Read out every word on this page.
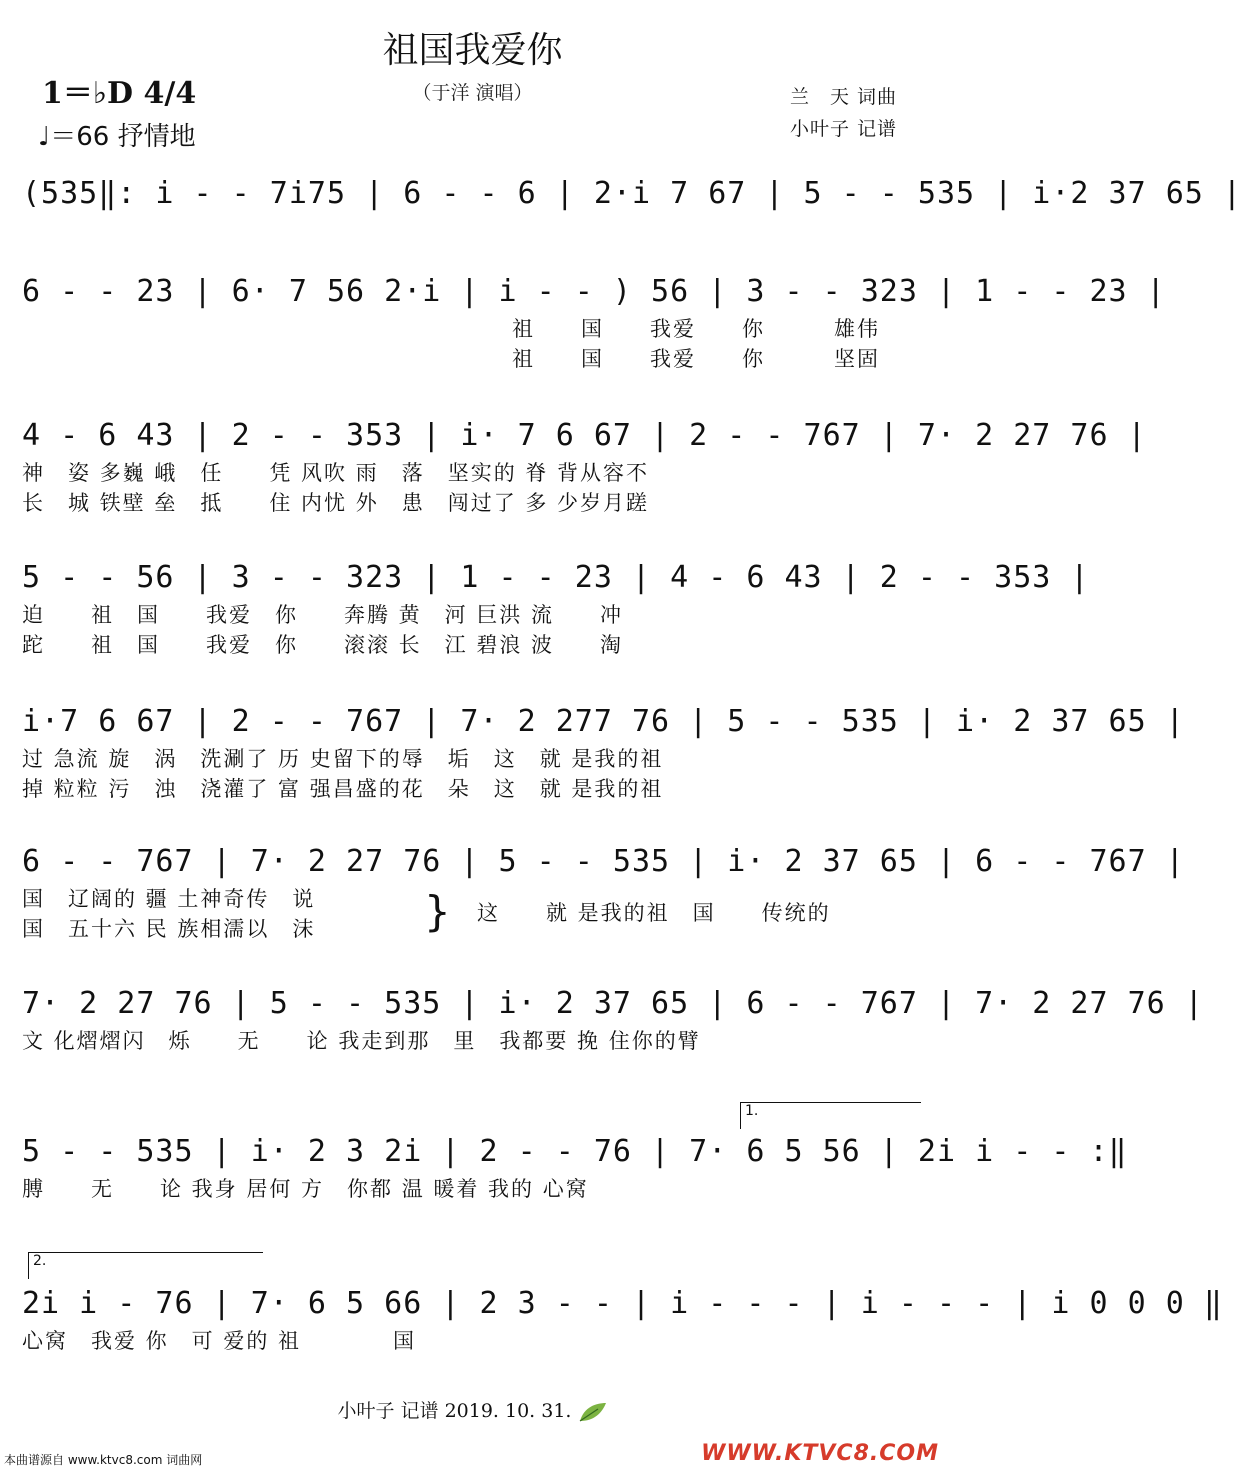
祖国我爱你
（于洋 演唱）
1＝♭D 4/4
♩＝66 抒情地
兰　天 词曲
小叶子 记谱
(535‖: i - - 7i75 | 6 - - 6 | 2·i 7 67 | 5 - - 535 | i·2 37 65 |
6 - - 23 | 6· 7 56 2·i | i - - ) 56 | 3 - - 323 | 1 - - 23 |
祖　　国　　我爱　　你　　　雄伟
祖　　国　　我爱　　你　　　坚固
4 - 6 43 | 2 - - 353 | i· 7 6 67 | 2 - - 767 | 7· 2 27 76 |
神　姿 多巍 峨　任　　凭 风吹 雨　落　坚实的 脊 背从容不
长　城 铁壁 垒　抵　　住 内忧 外　患　闯过了 多 少岁月蹉
5 - - 56 | 3 - - 323 | 1 - - 23 | 4 - 6 43 | 2 - - 353 |
迫　　祖　国　　我爱　你　　奔腾 黄　河 巨洪 流　　冲
跎　　祖　国　　我爱　你　　滚滚 长　江 碧浪 波　　淘
i·7 6 67 | 2 - - 767 | 7· 2 277 76 | 5 - - 535 | i· 2 37 65 |
过 急流 旋　涡　洗涮了 历 史留下的辱　垢　这　就 是我的祖
掉 粒粒 污　浊　浇灌了 富 强昌盛的花　朵　这　就 是我的祖
6 - - 767 | 7· 2 27 76 | 5 - - 535 | i· 2 37 65 | 6 - - 767 |
国　辽阔的 疆 土神奇传　说
国　五十六 民 族相濡以　沫	} 这　　就 是我的祖　国　　传统的
7· 2 27 76 | 5 - - 535 | i· 2 37 65 | 6 - - 767 | 7· 2 27 76 |
文 化熠熠闪　烁　　无　　论 我走到那　里　我都要 挽 住你的臂
1.
5 - - 535 | i· 2 3 2i | 2 - - 76 | 7· 6 5 56 | 2i i - - :‖
膊　　无　　论 我身 居何 方　你都 温 暖着 我的 心窝
2.
2i i - 76 | 7· 6 5 66 | 2 3 - - | i - - - | i - - - | i 0 0 0 ‖
心窝　我爱 你　可 爱的 祖　　　　国
小叶子 记谱 2019. 10. 31.
本曲谱源自 www.ktvc8.com 词曲网	WWW.KTVC8.COM
